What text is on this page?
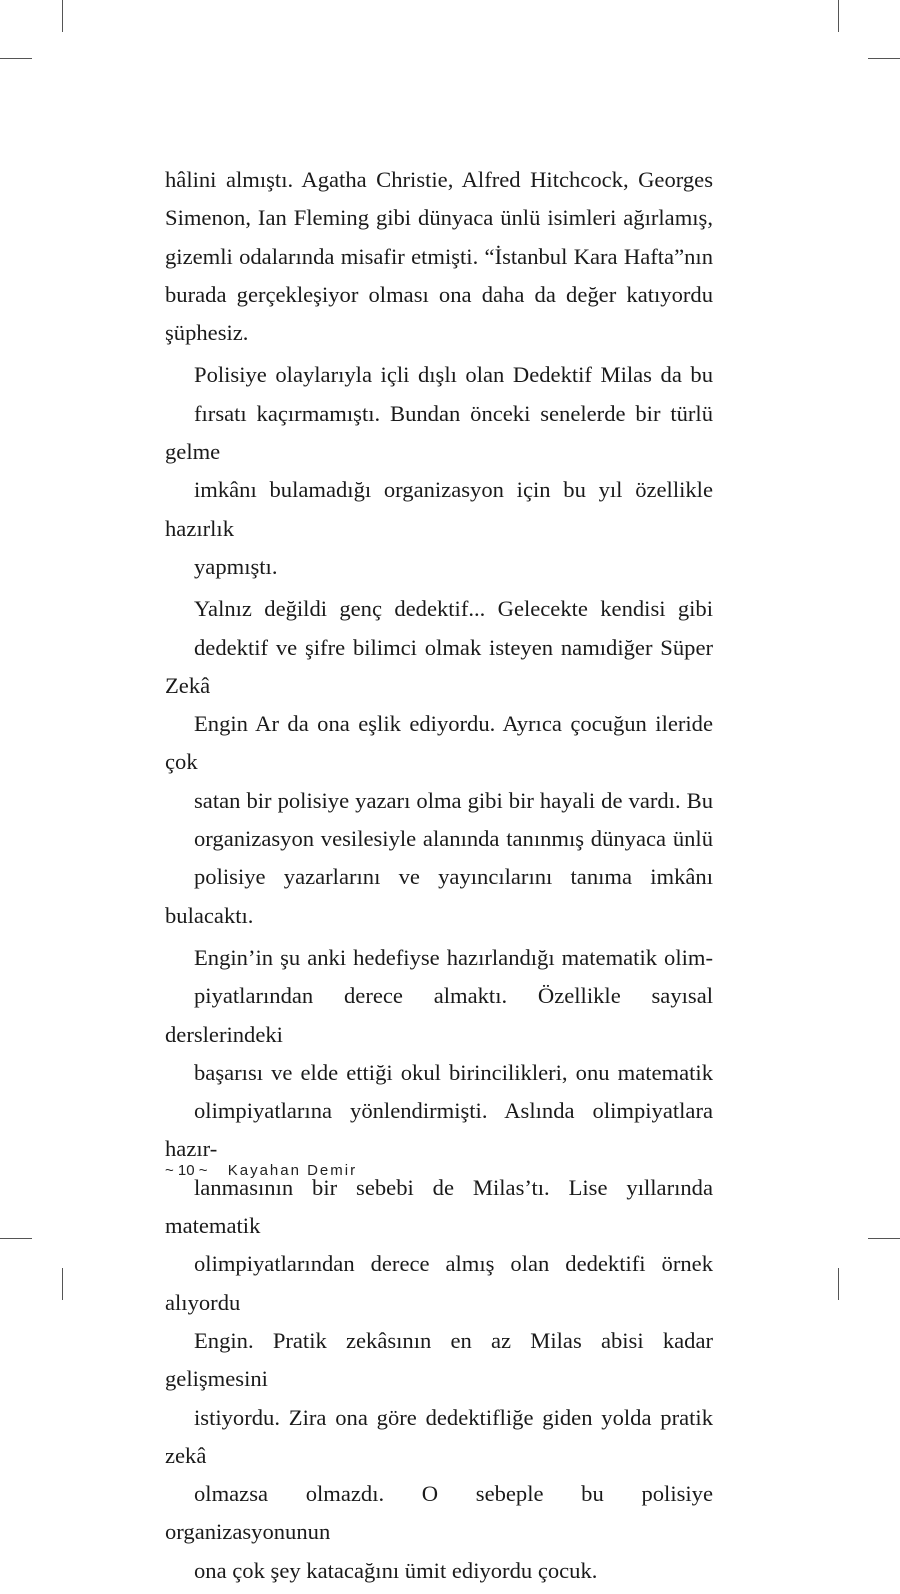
hâlini almıştı. Agatha Christie, Alfred Hitchcock, Georges
Simenon, Ian Fleming gibi dünyaca ünlü isimleri ağırlamış,
gizemli odalarında misafir etmişti. “İstanbul Kara Hafta”nın
burada gerçekleşiyor olması ona daha da değer katıyordu
şüphesiz.

Polisiye olaylarıyla içli dışlı olan Dedektif Milas da bu
fırsatı kaçırmamıştı. Bundan önceki senelerde bir türlü gelme
imkânı bulamadığı organizasyon için bu yıl özellikle hazırlık
yapmıştı.

Yalnız değildi genç dedektif... Gelecekte kendisi gibi
dedektif ve şifre bilimci olmak isteyen namıdiğer Süper Zekâ
Engin Ar da ona eşlik ediyordu. Ayrıca çocuğun ileride çok
satan bir polisiye yazarı olma gibi bir hayali de vardı. Bu
organizasyon vesilesiyle alanında tanınmış dünyaca ünlü
polisiye yazarlarını ve yayıncılarını tanıma imkânı bulacaktı.

Engin’in şu anki hedefiyse hazırlandığı matematik olim-
piyatlarından derece almaktı. Özellikle sayısal derslerindeki
başarısı ve elde ettiği okul birincilikleri, onu matematik
olimpiyatlarına yönlendirmişti. Aslında olimpiyatlara hazır-
lanmasının bir sebebi de Milas’tı. Lise yıllarında matematik
olimpiyatlarından derece almış olan dedektifi örnek alıyordu
Engin. Pratik zekâsının en az Milas abisi kadar gelişmesini
istiyordu. Zira ona göre dedektifliğe giden yolda pratik zekâ
olmazsa olmazdı. O sebeple bu polisiye organizasyonunun
ona çok şey katacağını ümit ediyordu çocuk.

~ 10 ~ Kayahan Demir
